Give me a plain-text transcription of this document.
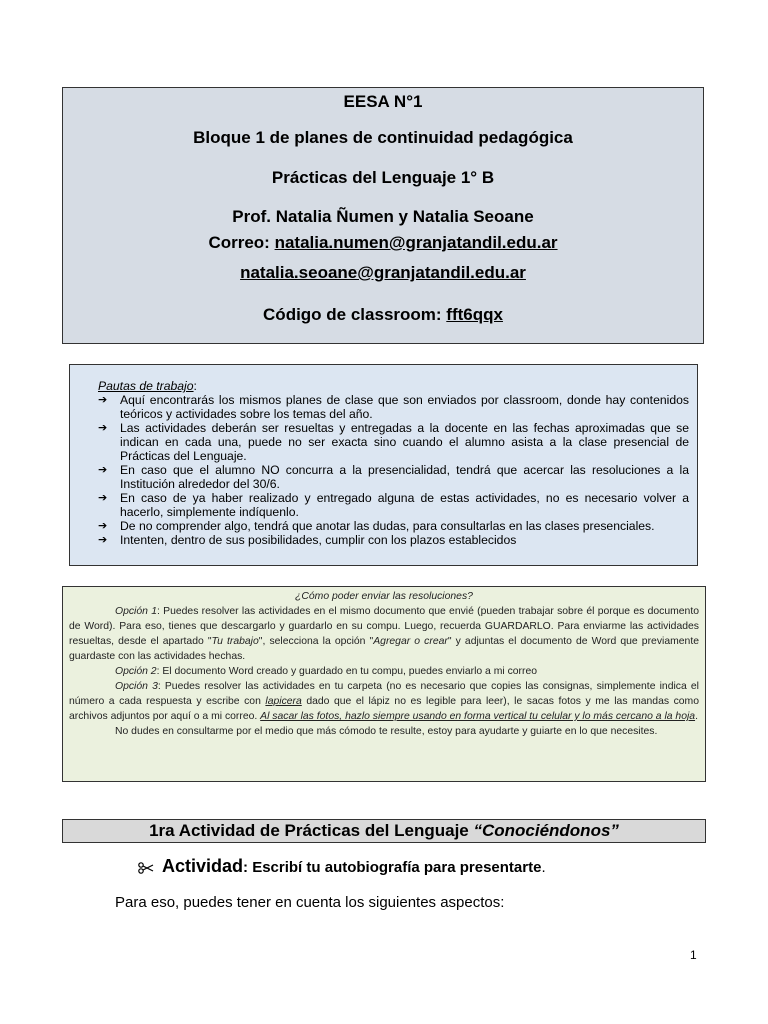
EESA N°1
Bloque 1 de planes de continuidad pedagógica
Prácticas del Lenguaje 1° B
Prof. Natalia Ñumen y Natalia Seoane
Correo: natalia.numen@granjatandil.edu.ar
natalia.seoane@granjatandil.edu.ar
Código de classroom: fft6qqx
Pautas de trabajo:
➔ Aquí encontrarás los mismos planes de clase que son enviados por classroom, donde hay contenidos teóricos y actividades sobre los temas del año.
➔ Las actividades deberán ser resueltas y entregadas a la docente en las fechas aproximadas que se indican en cada una, puede no ser exacta sino cuando el alumno asista a la clase presencial de Prácticas del Lenguaje.
➔ En caso que el alumno NO concurra a la presencialidad, tendrá que acercar las resoluciones a la Institución alrededor del 30/6.
➔ En caso de ya haber realizado y entregado alguna de estas actividades, no es necesario volver a hacerlo, simplemente indíquenlo.
➔ De no comprender algo, tendrá que anotar las dudas, para consultarlas en las clases presenciales.
➔ Intenten, dentro de sus posibilidades, cumplir con los plazos establecidos
¿Cómo poder enviar las resoluciones?
Opción 1: Puedes resolver las actividades en el mismo documento que envié (pueden trabajar sobre él porque es documento de Word). Para eso, tienes que descargarlo y guardarlo en su compu. Luego, recuerda GUARDARLO. Para enviarme las actividades resueltas, desde el apartado "Tu trabajo", selecciona la opción "Agregar o crear" y adjuntas el documento de Word que previamente guardaste con las actividades hechas.
Opción 2: El documento Word creado y guardado en tu compu, puedes enviarlo a mi correo
Opción 3: Puedes resolver las actividades en tu carpeta (no es necesario que copies las consignas, simplemente indica el número a cada respuesta y escribe con lapicera dado que el lápiz no es legible para leer), le sacas fotos y me las mandas como archivos adjuntos por aquí o a mi correo. Al sacar las fotos, hazlo siempre usando en forma vertical tu celular y lo más cercano a la hoja.
No dudes en consultarme por el medio que más cómodo te resulte, estoy para ayudarte y guiarte en lo que necesites.
1ra Actividad de Prácticas del Lenguaje “Conociéndonos”
Actividad: Escribí tu autobiografía para presentarte.
Para eso, puedes tener en cuenta los siguientes aspectos:
1
